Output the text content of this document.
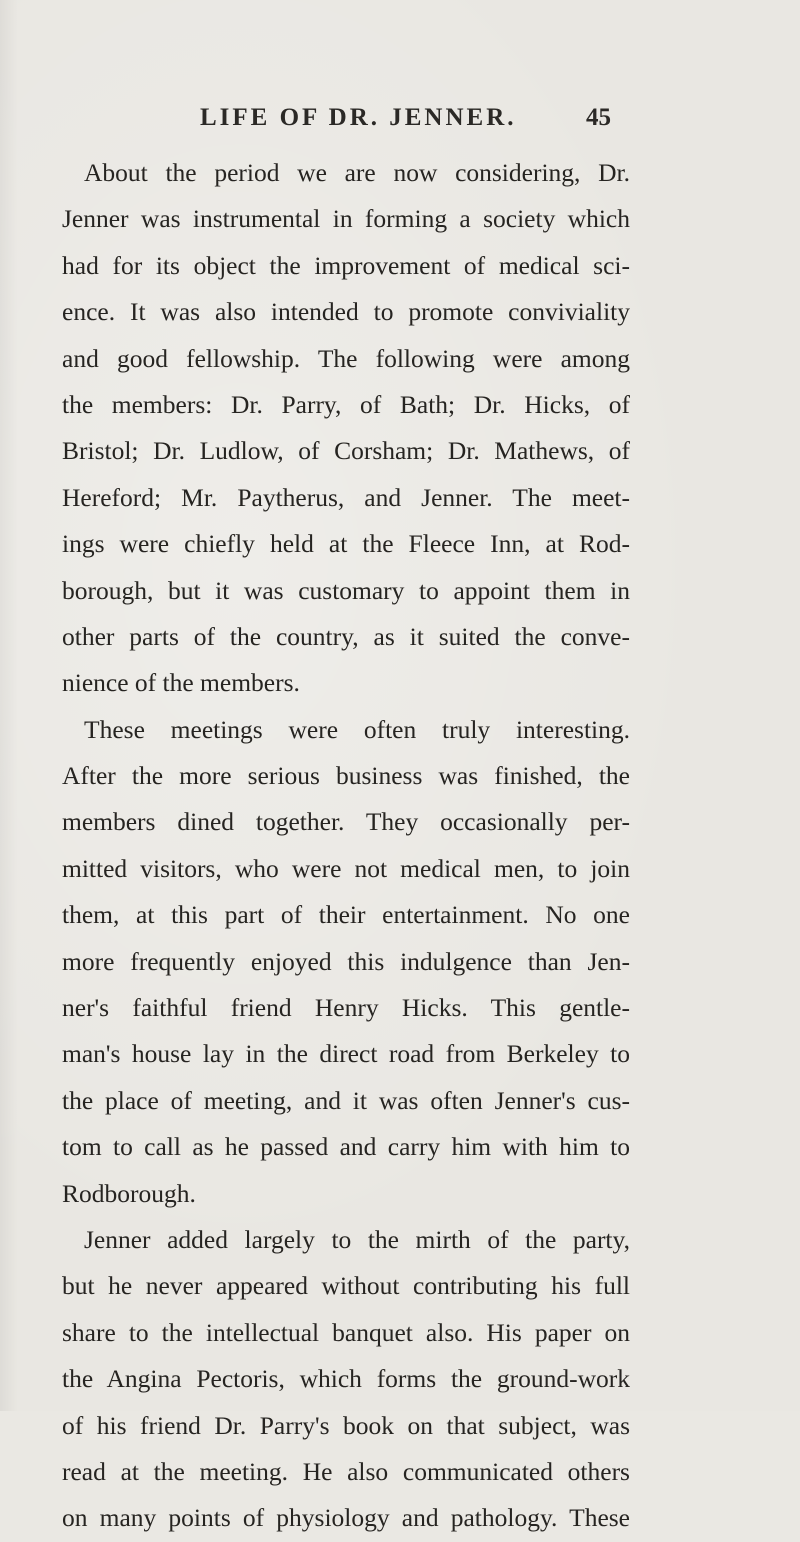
LIFE OF DR. JENNER.	45
About the period we are now considering, Dr.
Jenner was instrumental in forming a society which
had for its object the improvement of medical sci-
ence. It was also intended to promote conviviality
and good fellowship. The following were among
the members: Dr. Parry, of Bath; Dr. Hicks, of
Bristol; Dr. Ludlow, of Corsham; Dr. Mathews, of
Hereford; Mr. Paytherus, and Jenner. The meet-
ings were chiefly held at the Fleece Inn, at Rod-
borough, but it was customary to appoint them in
other parts of the country, as it suited the conve-
nience of the members.
These meetings were often truly interesting.
After the more serious business was finished, the
members dined together. They occasionally per-
mitted visitors, who were not medical men, to join
them, at this part of their entertainment. No one
more frequently enjoyed this indulgence than Jen-
ner's faithful friend Henry Hicks. This gentle-
man's house lay in the direct road from Berkeley to
the place of meeting, and it was often Jenner's cus-
tom to call as he passed and carry him with him to
Rodborough.
Jenner added largely to the mirth of the party,
but he never appeared without contributing his full
share to the intellectual banquet also. His paper on
the Angina Pectoris, which forms the ground-work
of his friend Dr. Parry's book on that subject, was
read at the meeting. He also communicated others
on many points of physiology and pathology. These
